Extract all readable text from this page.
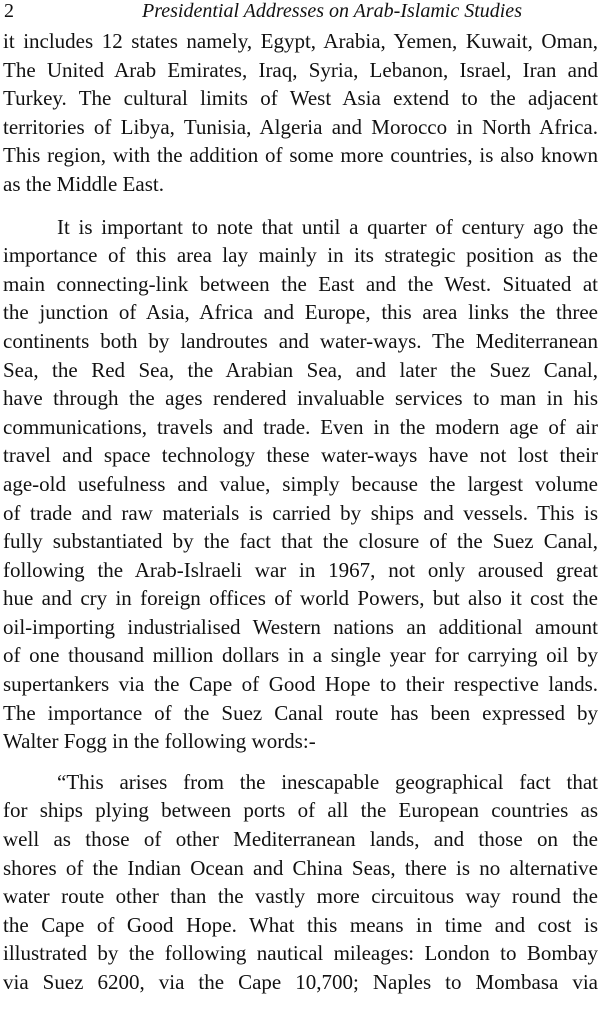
2	Presidential Addresses on Arab-Islamic Studies

it includes 12 states namely, Egypt, Arabia, Yemen, Kuwait, Oman,
The United Arab Emirates, Iraq, Syria, Lebanon, Israel, Iran and
Turkey. The cultural limits of West Asia extend to the adjacent
territories of Libya, Tunisia, Algeria and Morocco in North Africa.
This region, with the addition of some more countries, is also known
as the Middle East.

It is important to note that until a quarter of century ago the
importance of this area lay mainly in its strategic position as the
main connecting-link between the East and the West. Situated at
the junction of Asia, Africa and Europe, this area links the three
continents both by landroutes and water-ways. The Mediterranean
Sea, the Red Sea, the Arabian Sea, and later the Suez Canal,
have through the ages rendered invaluable services to man in his
communications, travels and trade. Even in the modern age of air
travel and space technology these water-ways have not lost their
age-old usefulness and value, simply because the largest volume
of trade and raw materials is carried by ships and vessels. This is
fully substantiated by the fact that the closure of the Suez Canal,
following the Arab-Islraeli war in 1967, not only aroused great
hue and cry in foreign offices of world Powers, but also it cost the
oil-importing industrialised Western nations an additional amount
of one thousand million dollars in a single year for carrying oil by
supertankers via the Cape of Good Hope to their respective lands.
The importance of the Suez Canal route has been expressed by
Walter Fogg in the following words:-

“This arises from the inescapable geographical fact that
for ships plying between ports of all the European countries as
well as those of other Mediterranean lands, and those on the
shores of the Indian Ocean and China Seas, there is no alternative
water route other than the vastly more circuitous way round the
the Cape of Good Hope. What this means in time and cost is
illustrated by the following nautical mileages: London to Bombay
via Suez 6200, via the Cape 10,700; Naples to Mombasa via
